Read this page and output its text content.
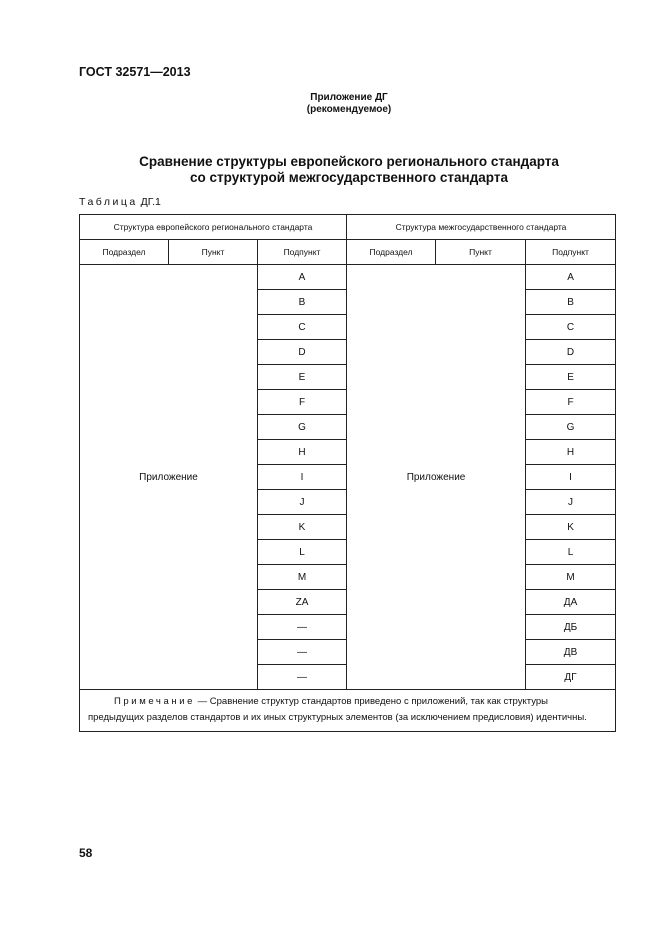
ГОСТ 32571—2013
Приложение ДГ
(рекомендуемое)
Сравнение структуры европейского регионального стандарта
со структурой межгосударственного стандарта
Таблица ДГ.1
Структура европейского регионального стандарта			Структура межгосударственного стандарта		
Подраздел	Пункт	Подпункт	Подраздел	Пункт	Подпункт
Приложение		A	Приложение		A
		B			B
		C			C
		D			D
		E			E
		F			F
		G			G
		H			H
		I			I
		J			J
		K			K
		L			L
		M			M
		ZA			ДА
		—			ДБ
		—			ДВ
		—			ДГ
Примечание — Сравнение структур стандартов приведено с приложений, так как структуры предыдущих разделов стандартов и их иных структурных элементов (за исключением предисловия) идентичны.					
58
